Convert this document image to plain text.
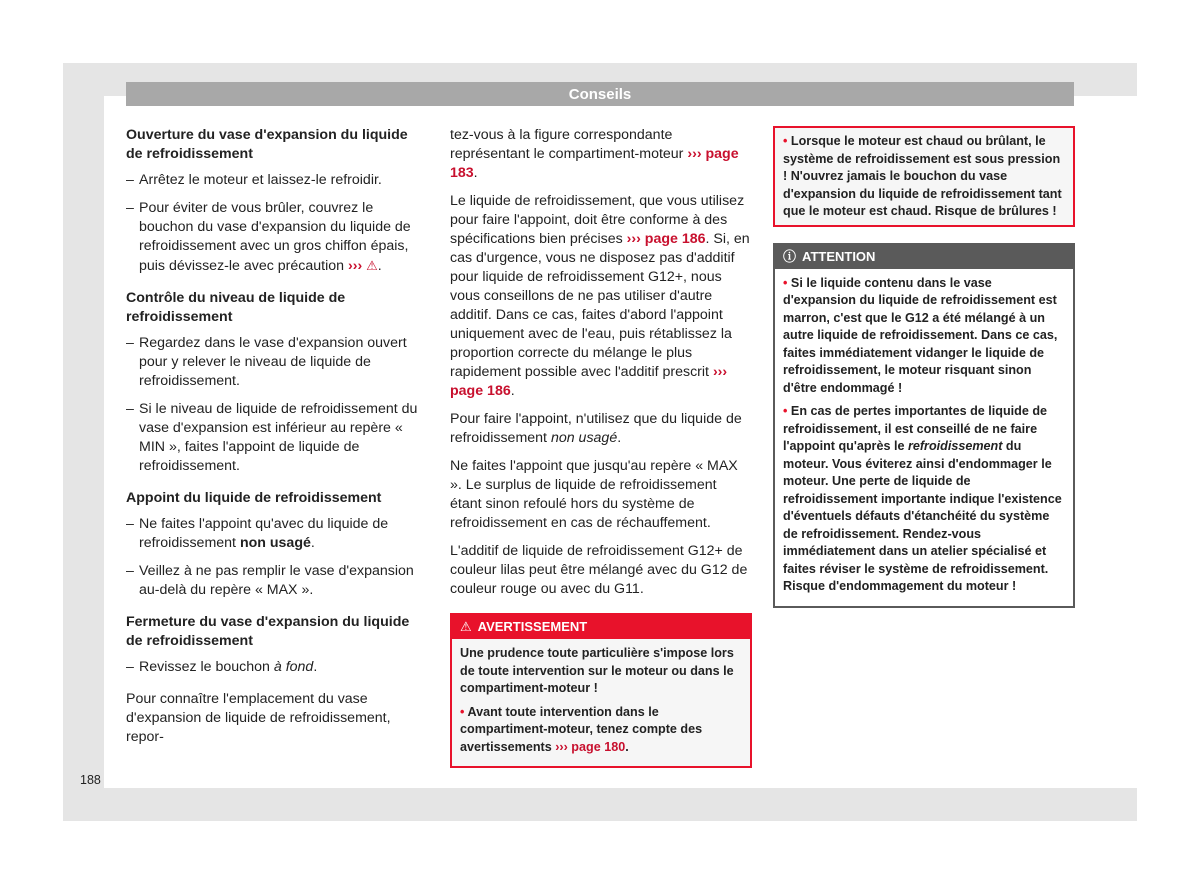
Conseils
Ouverture du vase d'expansion du liquide de refroidissement
– Arrêtez le moteur et laissez-le refroidir.
– Pour éviter de vous brûler, couvrez le bouchon du vase d'expansion du liquide de refroidissement avec un gros chiffon épais, puis dévissez-le avec précaution ››› ⚠.
Contrôle du niveau de liquide de refroidissement
– Regardez dans le vase d'expansion ouvert pour y relever le niveau de liquide de refroidissement.
– Si le niveau de liquide de refroidissement du vase d'expansion est inférieur au repère « MIN », faites l'appoint de liquide de refroidissement.
Appoint du liquide de refroidissement
– Ne faites l'appoint qu'avec du liquide de refroidissement non usagé.
– Veillez à ne pas remplir le vase d'expansion au-delà du repère « MAX ».
Fermeture du vase d'expansion du liquide de refroidissement
– Revissez le bouchon à fond.

Pour connaître l'emplacement du vase d'expansion de liquide de refroidissement, repor-

tez-vous à la figure correspondante représentant le compartiment-moteur ››› page 183.

Le liquide de refroidissement, que vous utilisez pour faire l'appoint, doit être conforme à des spécifications bien précises ››› page 186. Si, en cas d'urgence, vous ne disposez pas d'additif pour liquide de refroidissement G12+, nous vous conseillons de ne pas utiliser d'autre additif. Dans ce cas, faites d'abord l'appoint uniquement avec de l'eau, puis rétablissez la proportion correcte du mélange le plus rapidement possible avec l'additif prescrit ››› page 186.

Pour faire l'appoint, n'utilisez que du liquide de refroidissement non usagé.

Ne faites l'appoint que jusqu'au repère « MAX ». Le surplus de liquide de refroidissement étant sinon refoulé hors du système de refroidissement en cas de réchauffement.

L'additif de liquide de refroidissement G12+ de couleur lilas peut être mélangé avec du G12 de couleur rouge ou avec du G11.

⚠ AVERTISSEMENT

Une prudence toute particulière s'impose lors de toute intervention sur le moteur ou dans le compartiment-moteur !

• Avant toute intervention dans le compartiment-moteur, tenez compte des avertissements ››› page 180.

• Lorsque le moteur est chaud ou brûlant, le système de refroidissement est sous pression ! N'ouvrez jamais le bouchon du vase d'expansion du liquide de refroidissement tant que le moteur est chaud. Risque de brûlures !
ⓘ ATTENTION

• Si le liquide contenu dans le vase d'expansion du liquide de refroidissement est marron, c'est que le G12 a été mélangé à un autre liquide de refroidissement. Dans ce cas, faites immédiatement vidanger le liquide de refroidissement, le moteur risquant sinon d'être endommagé !

• En cas de pertes importantes de liquide de refroidissement, il est conseillé de ne faire l'appoint qu'après le refroidissement du moteur. Vous éviterez ainsi d'endommager le moteur. Une perte de liquide de refroidissement importante indique l'existence d'éventuels défauts d'étanchéité du système de refroidissement. Rendez-vous immédiatement dans un atelier spécialisé et faites réviser le système de refroidissement. Risque d'endommagement du moteur !

188
